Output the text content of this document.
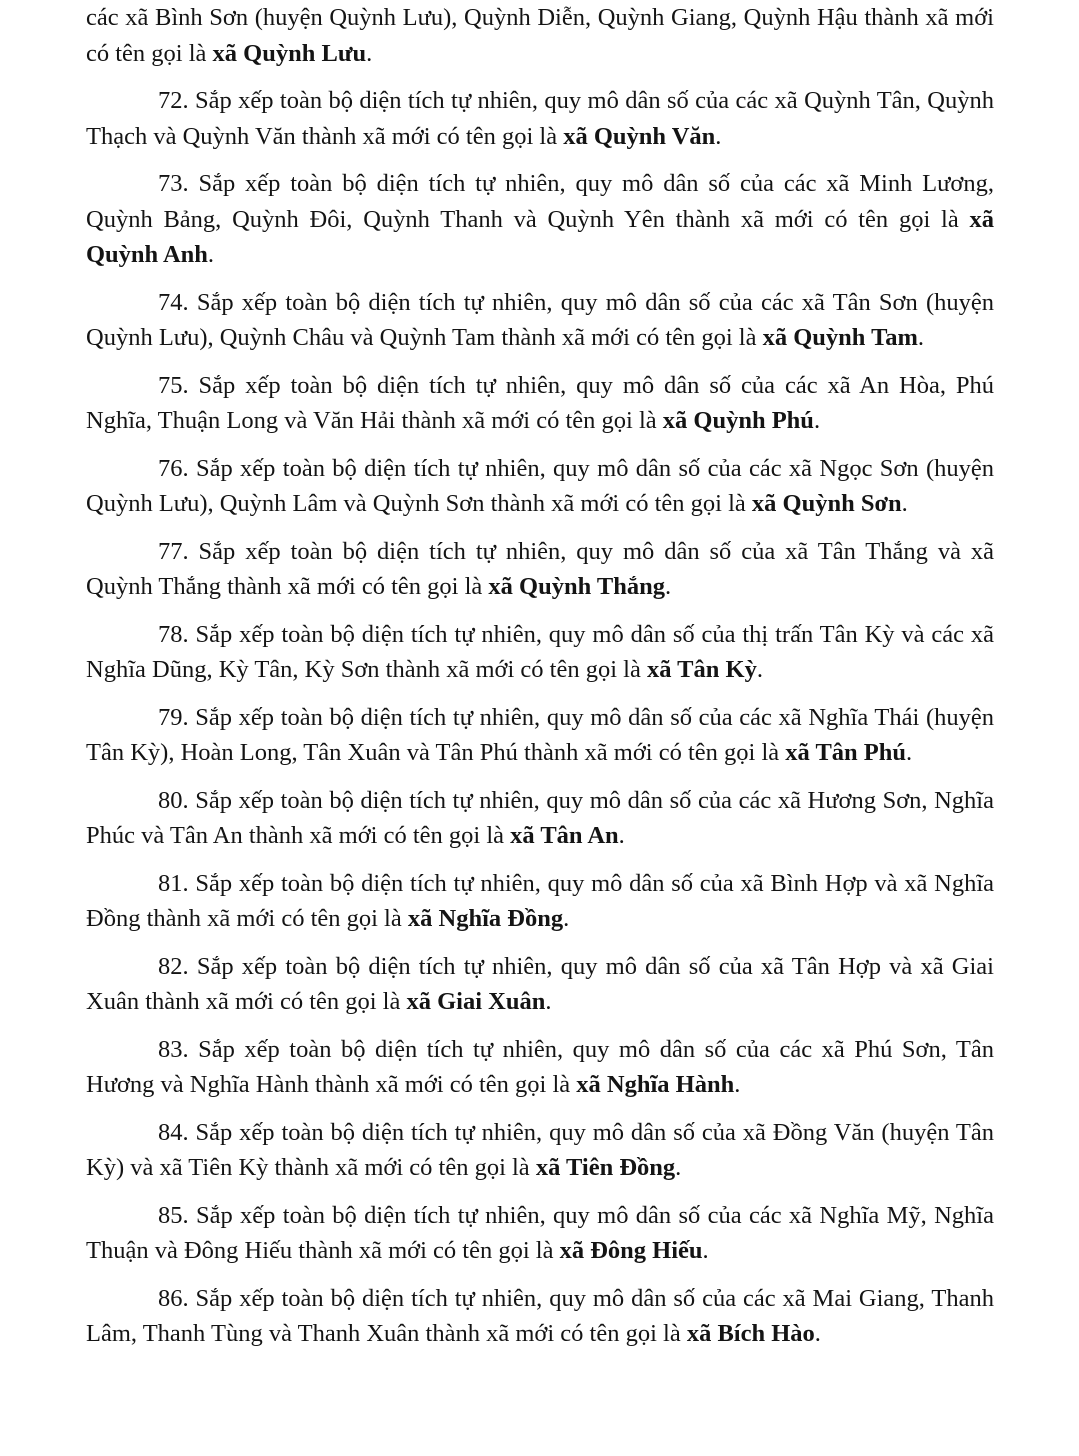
các xã Bình Sơn (huyện Quỳnh Lưu), Quỳnh Diễn, Quỳnh Giang, Quỳnh Hậu thành xã mới có tên gọi là xã Quỳnh Lưu.

72. Sắp xếp toàn bộ diện tích tự nhiên, quy mô dân số của các xã Quỳnh Tân, Quỳnh Thạch và Quỳnh Văn thành xã mới có tên gọi là xã Quỳnh Văn.

73. Sắp xếp toàn bộ diện tích tự nhiên, quy mô dân số của các xã Minh Lương, Quỳnh Bảng, Quỳnh Đôi, Quỳnh Thanh và Quỳnh Yên thành xã mới có tên gọi là xã Quỳnh Anh.

74. Sắp xếp toàn bộ diện tích tự nhiên, quy mô dân số của các xã Tân Sơn (huyện Quỳnh Lưu), Quỳnh Châu và Quỳnh Tam thành xã mới có tên gọi là xã Quỳnh Tam.

75. Sắp xếp toàn bộ diện tích tự nhiên, quy mô dân số của các xã An Hòa, Phú Nghĩa, Thuận Long và Văn Hải thành xã mới có tên gọi là xã Quỳnh Phú.

76. Sắp xếp toàn bộ diện tích tự nhiên, quy mô dân số của các xã Ngọc Sơn (huyện Quỳnh Lưu), Quỳnh Lâm và Quỳnh Sơn thành xã mới có tên gọi là xã Quỳnh Sơn.

77. Sắp xếp toàn bộ diện tích tự nhiên, quy mô dân số của xã Tân Thắng và xã Quỳnh Thắng thành xã mới có tên gọi là xã Quỳnh Thắng.

78. Sắp xếp toàn bộ diện tích tự nhiên, quy mô dân số của thị trấn Tân Kỳ và các xã Nghĩa Dũng, Kỳ Tân, Kỳ Sơn thành xã mới có tên gọi là xã Tân Kỳ.

79. Sắp xếp toàn bộ diện tích tự nhiên, quy mô dân số của các xã Nghĩa Thái (huyện Tân Kỳ), Hoàn Long, Tân Xuân và Tân Phú thành xã mới có tên gọi là xã Tân Phú.

80. Sắp xếp toàn bộ diện tích tự nhiên, quy mô dân số của các xã Hương Sơn, Nghĩa Phúc và Tân An thành xã mới có tên gọi là xã Tân An.

81. Sắp xếp toàn bộ diện tích tự nhiên, quy mô dân số của xã Bình Hợp và xã Nghĩa Đồng thành xã mới có tên gọi là xã Nghĩa Đồng.

82. Sắp xếp toàn bộ diện tích tự nhiên, quy mô dân số của xã Tân Hợp và xã Giai Xuân thành xã mới có tên gọi là xã Giai Xuân.

83. Sắp xếp toàn bộ diện tích tự nhiên, quy mô dân số của các xã Phú Sơn, Tân Hương và Nghĩa Hành thành xã mới có tên gọi là xã Nghĩa Hành.

84. Sắp xếp toàn bộ diện tích tự nhiên, quy mô dân số của xã Đồng Văn (huyện Tân Kỳ) và xã Tiên Kỳ thành xã mới có tên gọi là xã Tiên Đồng.

85. Sắp xếp toàn bộ diện tích tự nhiên, quy mô dân số của các xã Nghĩa Mỹ, Nghĩa Thuận và Đông Hiếu thành xã mới có tên gọi là xã Đông Hiếu.

86. Sắp xếp toàn bộ diện tích tự nhiên, quy mô dân số của các xã Mai Giang, Thanh Lâm, Thanh Tùng và Thanh Xuân thành xã mới có tên gọi là xã Bích Hào.
